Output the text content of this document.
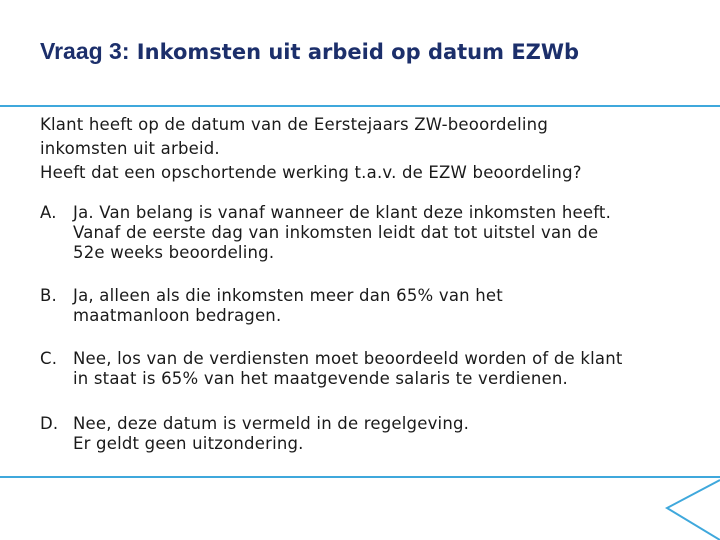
Vraag 3: Inkomsten uit arbeid op datum EZWb
Klant heeft op de datum van de Eerstejaars ZW-beoordeling
inkomsten uit arbeid.
Heeft dat een opschortende werking t.a.v. de EZW beoordeling?
A. Ja. Van belang is vanaf wanneer de klant deze inkomsten heeft.
Vanaf de eerste dag van inkomsten leidt dat tot uitstel van de
52e weeks beoordeling.
B. Ja, alleen als die inkomsten meer dan 65% van het
maatmanloon bedragen.
C. Nee, los van de verdiensten moet beoordeeld worden of de klant
in staat is 65% van het maatgevende salaris te verdienen.
D. Nee, deze datum is vermeld in de regelgeving.
Er geldt geen uitzondering.
